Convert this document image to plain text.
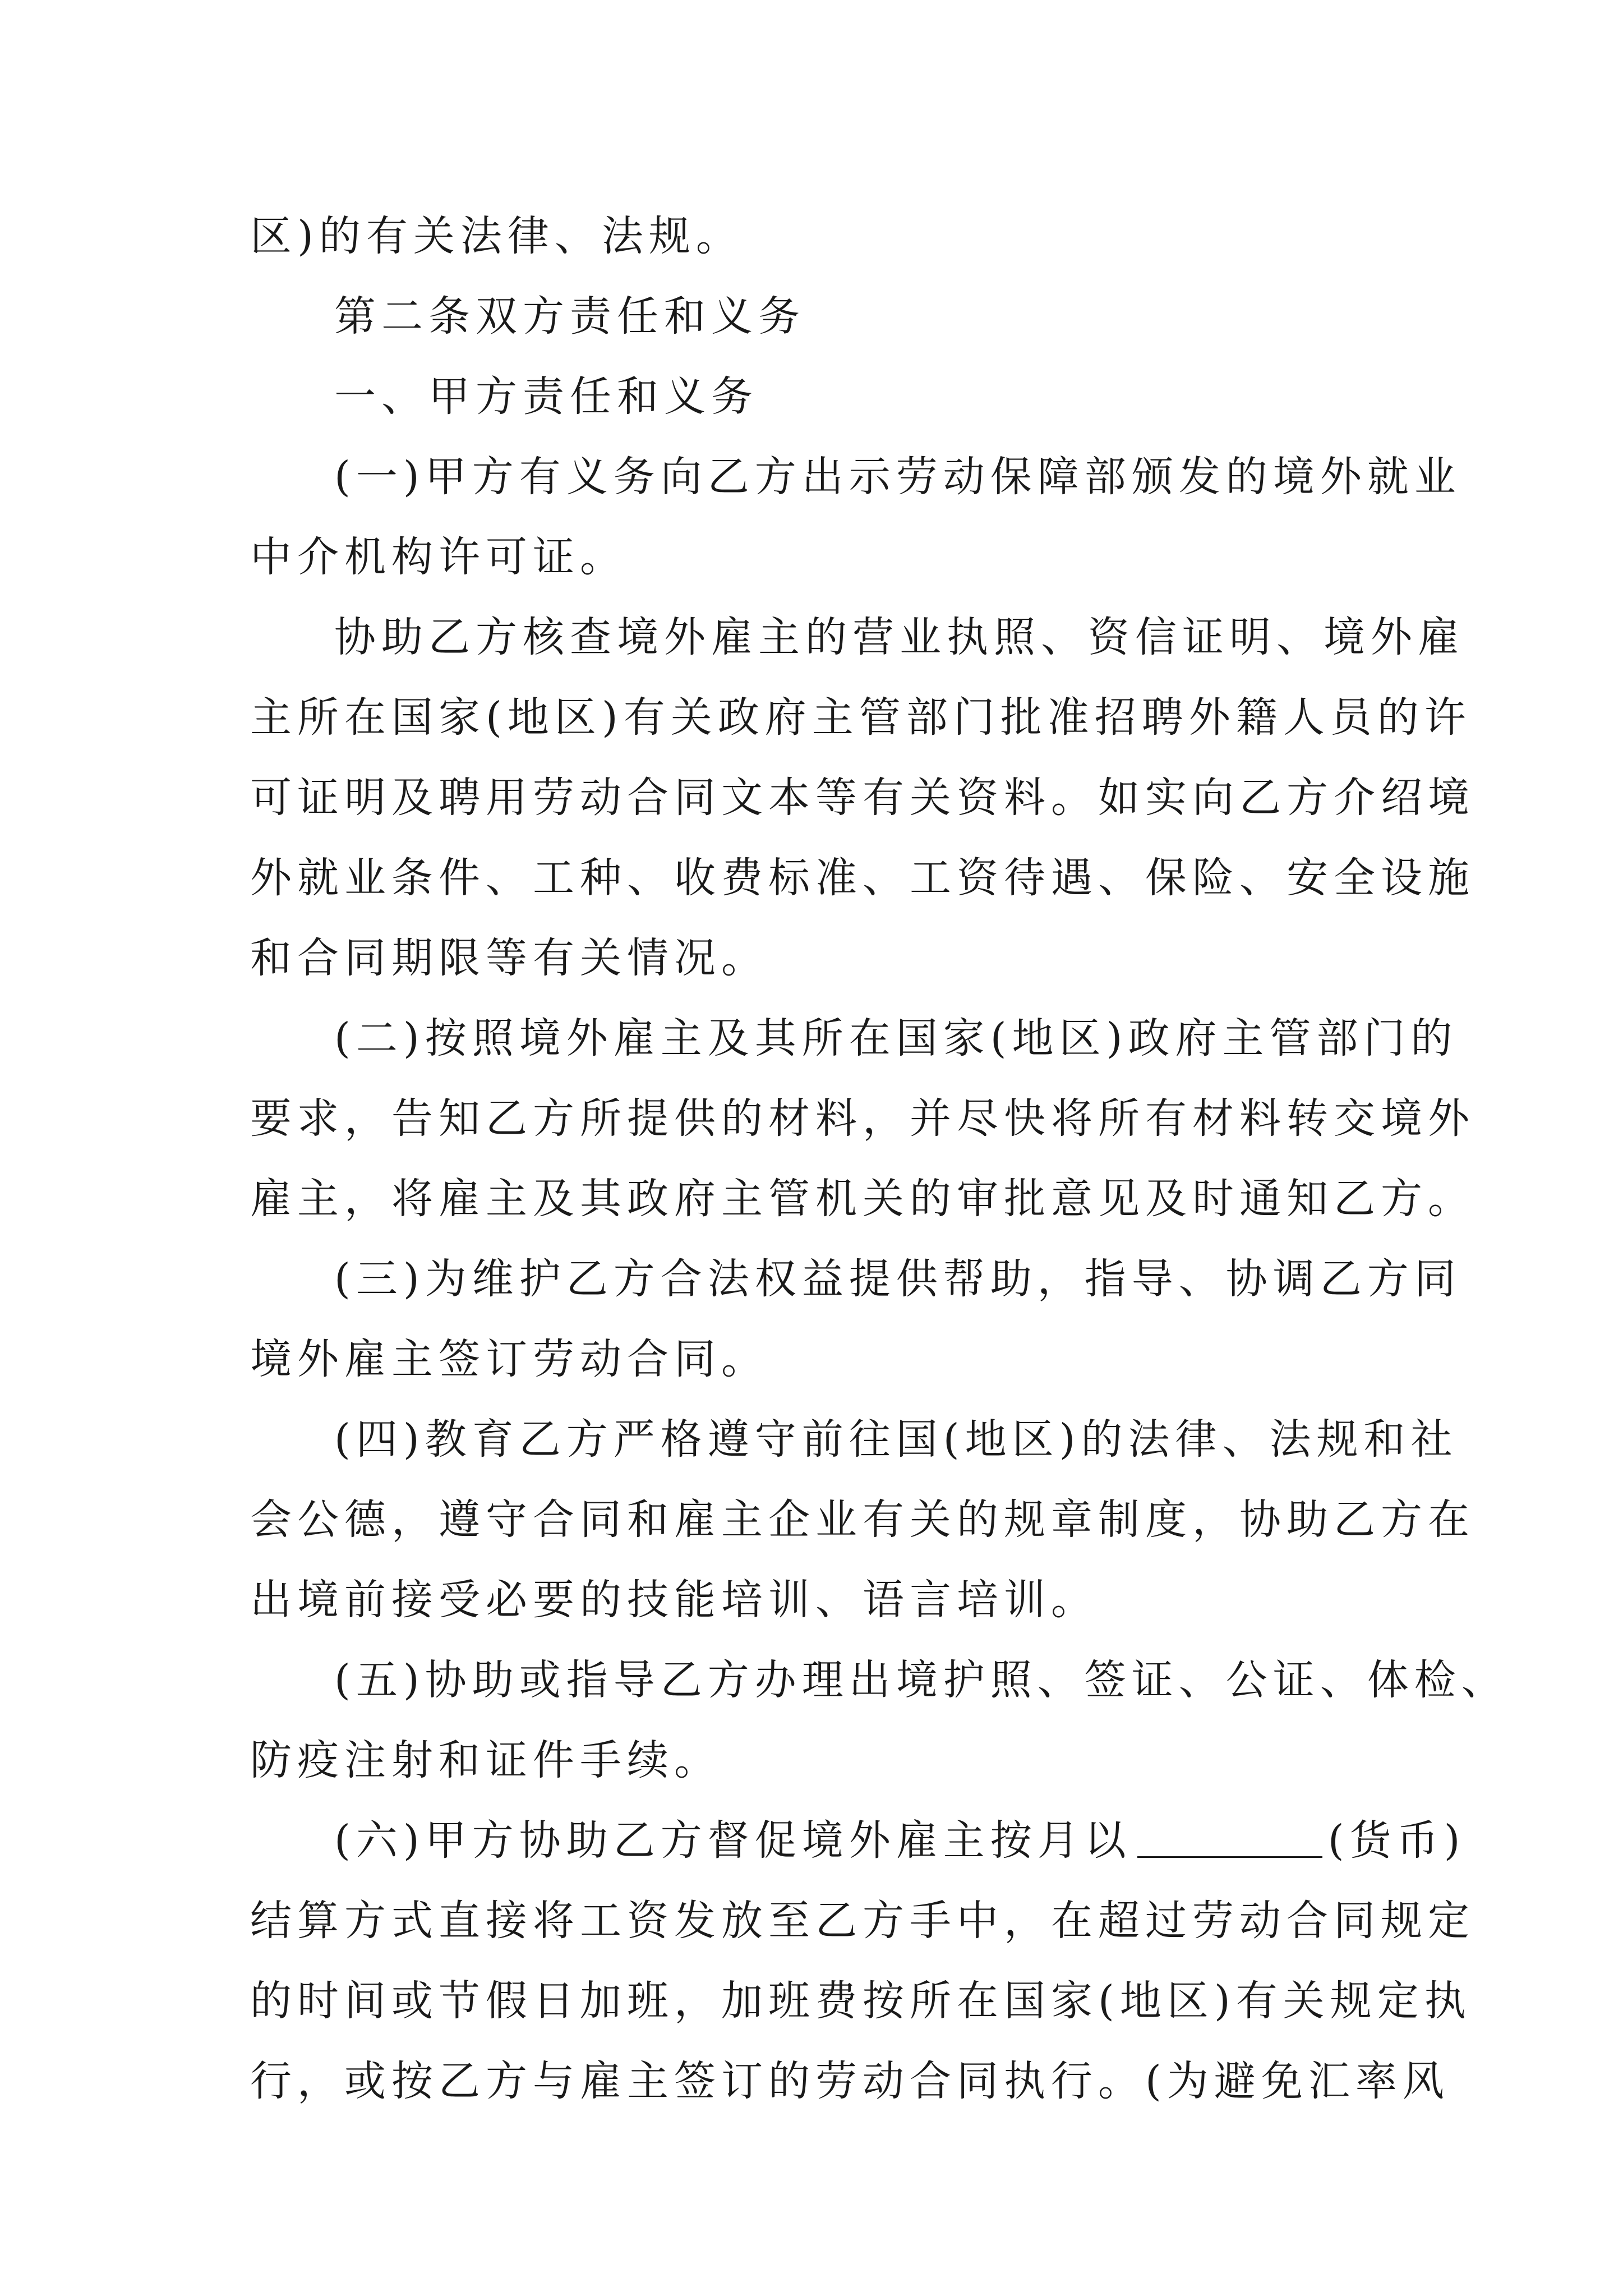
区)的有关法律、法规。
第二条双方责任和义务
一、甲方责任和义务
(一)甲方有义务向乙方出示劳动保障部颁发的境外就业
中介机构许可证。
协助乙方核查境外雇主的营业执照、资信证明、境外雇
主所在国家(地区)有关政府主管部门批准招聘外籍人员的许
可证明及聘用劳动合同文本等有关资料。如实向乙方介绍境
外就业条件、工种、收费标准、工资待遇、保险、安全设施
和合同期限等有关情况。
(二)按照境外雇主及其所在国家(地区)政府主管部门的
要求，告知乙方所提供的材料，并尽快将所有材料转交境外
雇主，将雇主及其政府主管机关的审批意见及时通知乙方。
(三)为维护乙方合法权益提供帮助，指导、协调乙方同
境外雇主签订劳动合同。
(四)教育乙方严格遵守前往国(地区)的法律、法规和社
会公德，遵守合同和雇主企业有关的规章制度，协助乙方在
出境前接受必要的技能培训、语言培训。
(五)协助或指导乙方办理出境护照、签证、公证、体检、
防疫注射和证件手续。
(六)甲方协助乙方督促境外雇主按月以	(货币)
结算方式直接将工资发放至乙方手中，在超过劳动合同规定
的时间或节假日加班，加班费按所在国家(地区)有关规定执
行，或按乙方与雇主签订的劳动合同执行。(为避免汇率风
